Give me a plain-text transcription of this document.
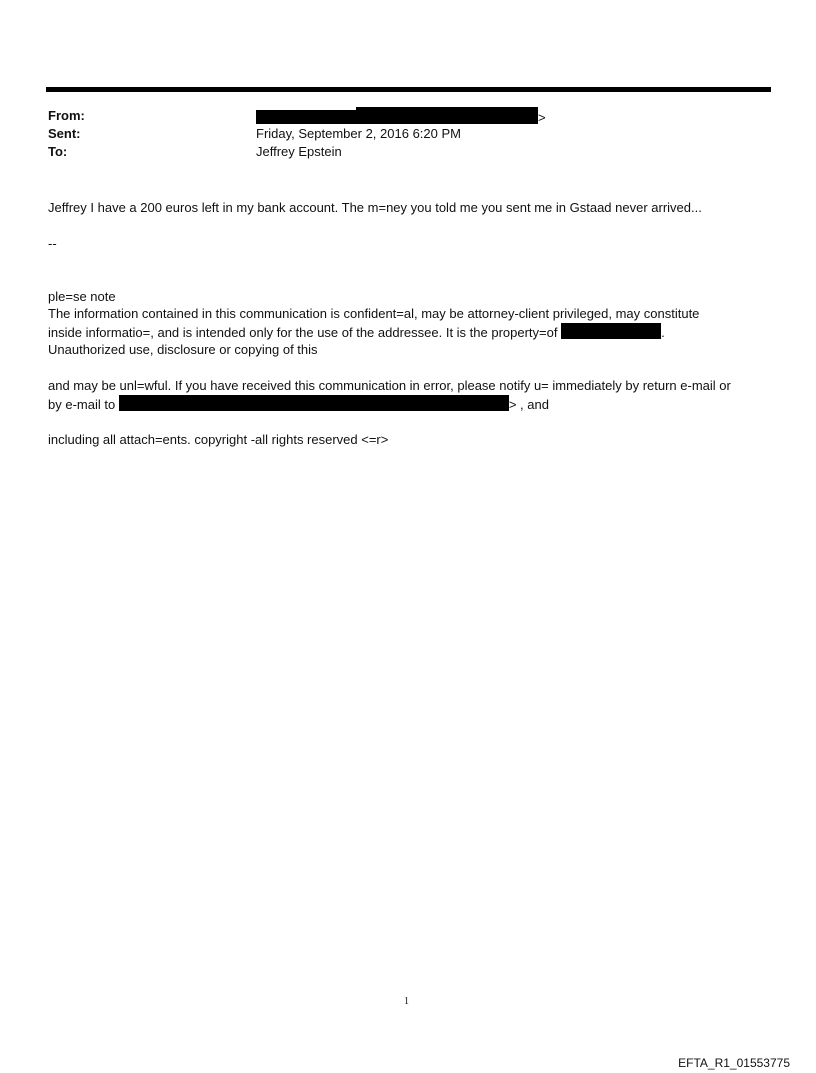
From:	>
Sent:	Friday, September 2, 2016 6:20 PM
To:	Jeffrey Epstein
Jeffrey I have a 200 euros left in my bank account. The m=ney you told me you sent me in Gstaad never arrived...
--
ple=se note
The information contained in this communication is confident=al, may be attorney-client privileged, may constitute
inside informatio=, and is intended only for the use of the addressee. It is the property=of	.
Unauthorized use, disclosure or copying of this
and may be unl=wful. If you have received this communication in error, please notify u= immediately by return e-mail or
by e-mail to	> , and
including all attach=ents. copyright -all rights reserved <=r>
1
EFTA_R1_01553775
